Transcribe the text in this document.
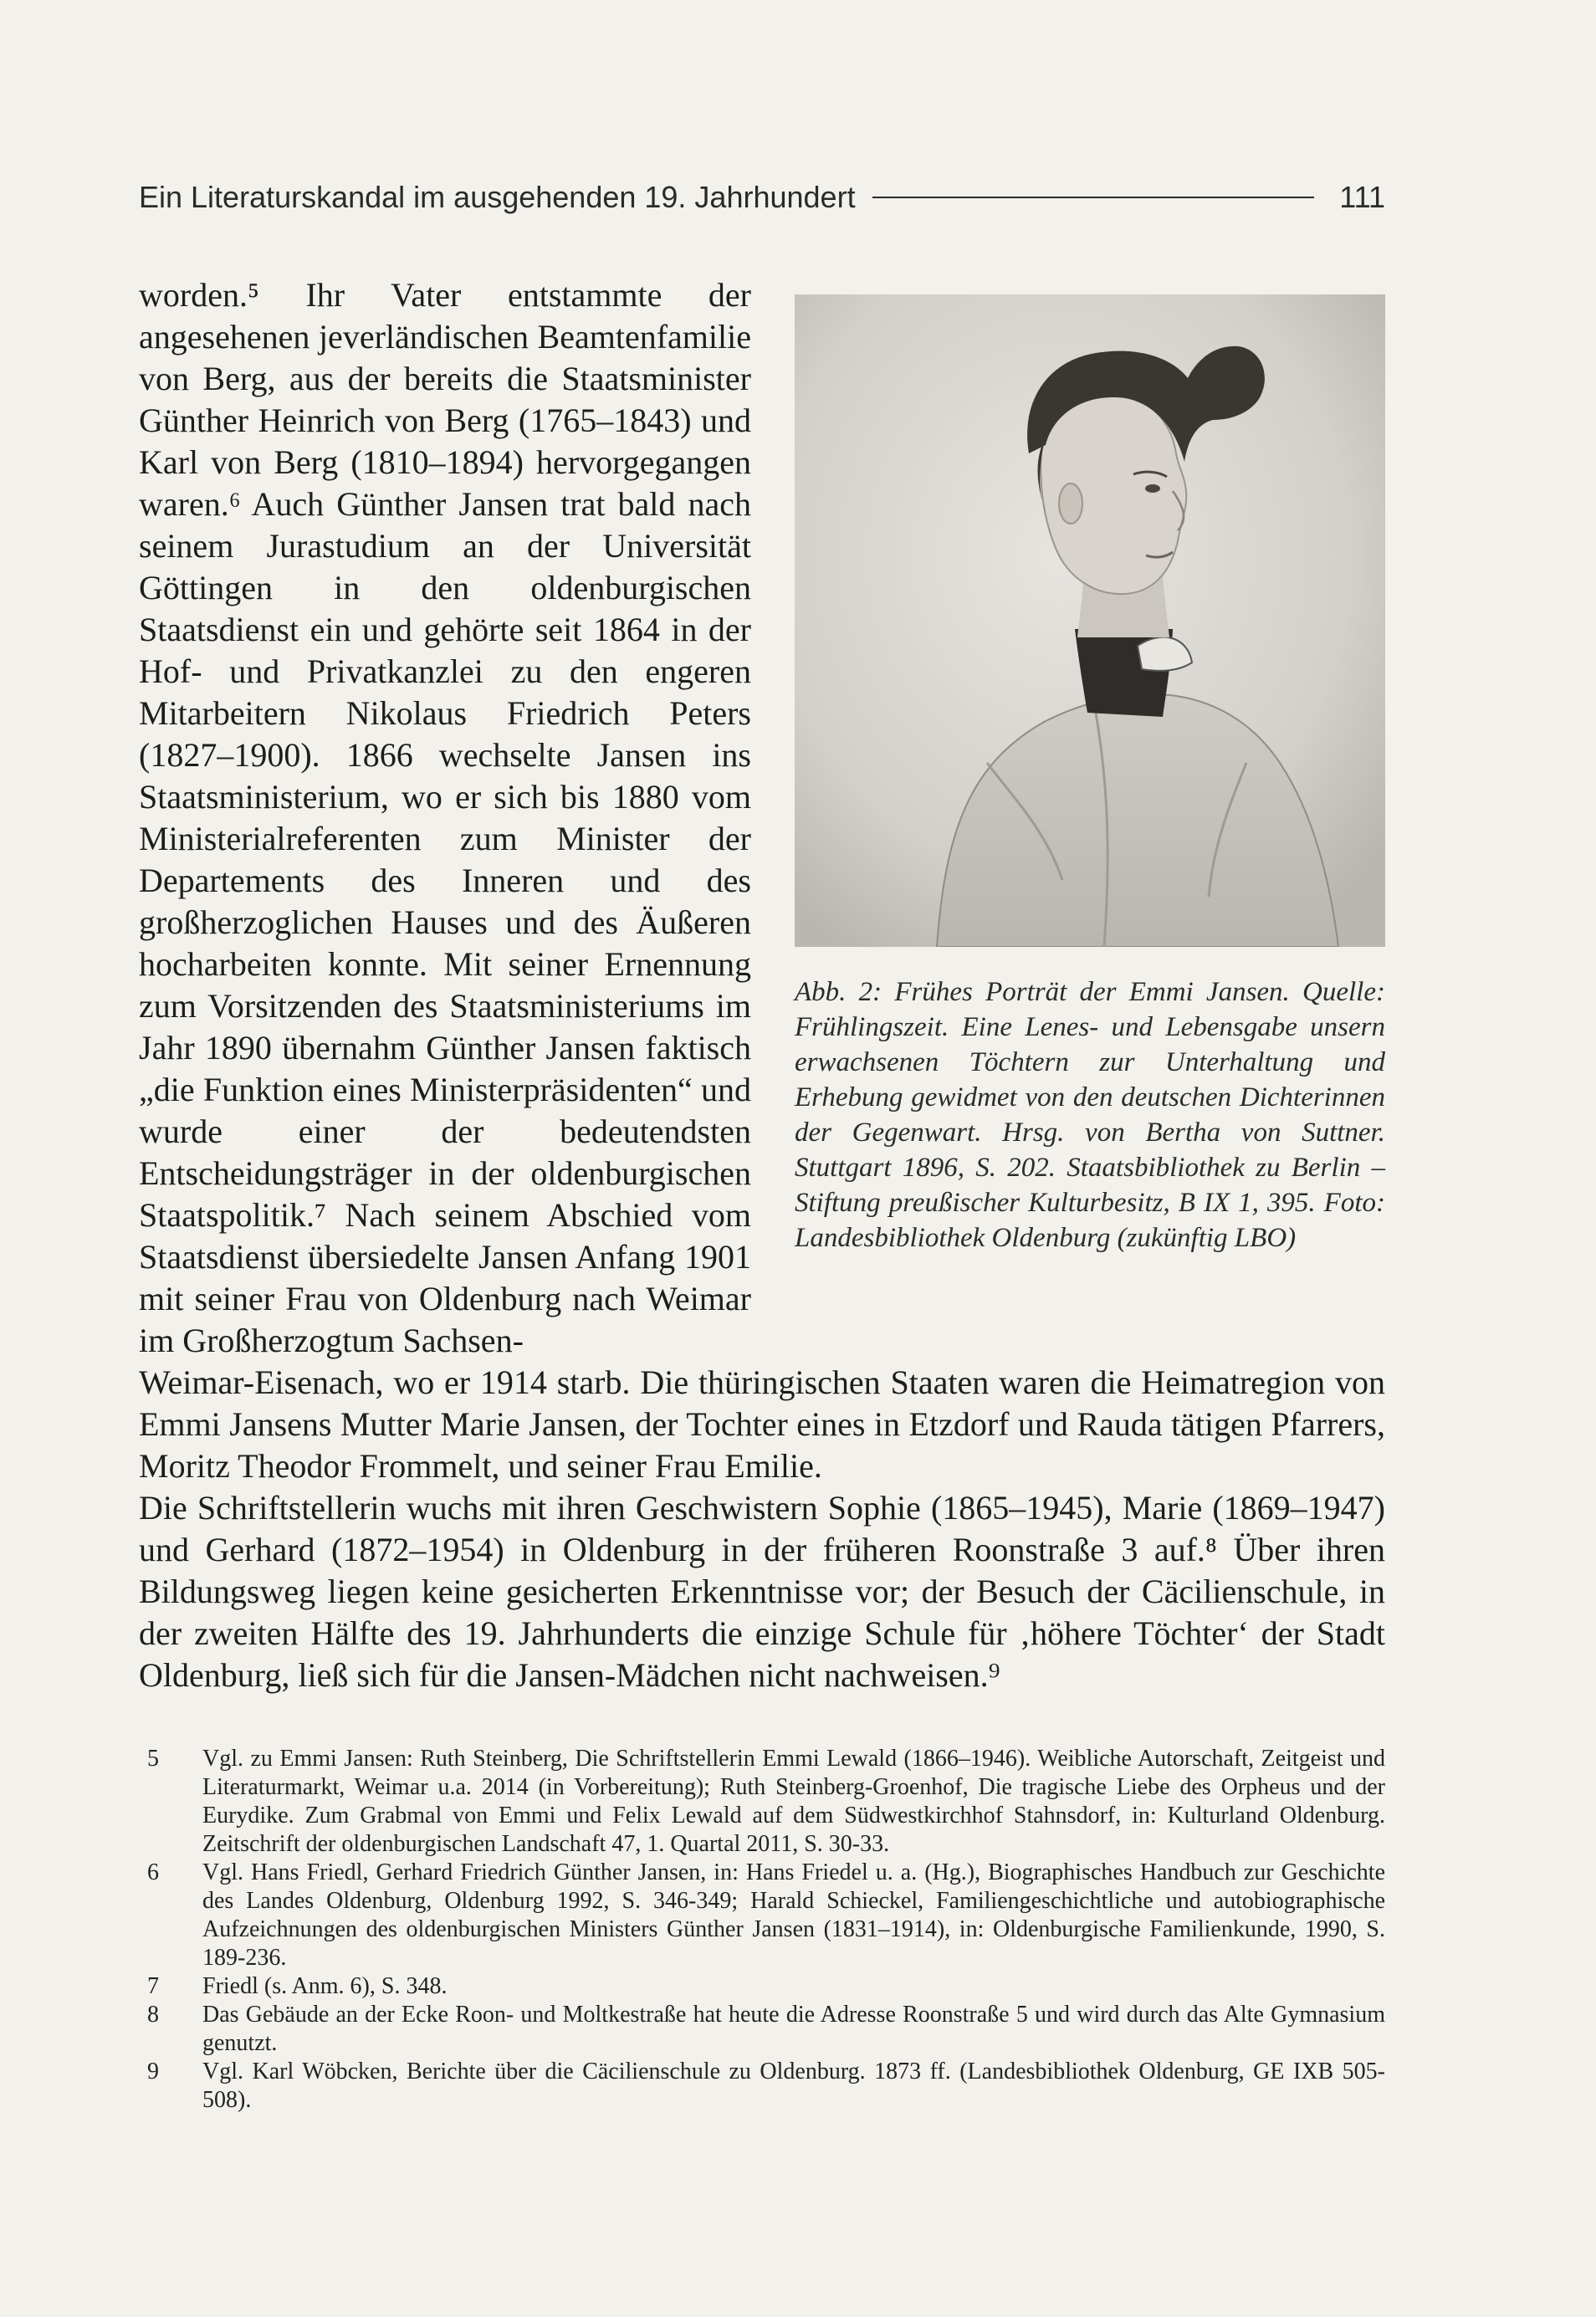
Ein Literaturskandal im ausgehenden 19. Jahrhundert	111

worden.⁵ Ihr Vater entstammte der angesehenen jeverländischen Beamtenfamilie von Berg, aus der bereits die Staatsminister Günther Heinrich von Berg (1765–1843) und Karl von Berg (1810–1894) hervorgegangen waren.⁶ Auch Günther Jansen trat bald nach seinem Jurastudium an der Universität Göttingen in den oldenburgischen Staatsdienst ein und gehörte seit 1864 in der Hof- und Privatkanzlei zu den engeren Mitarbeitern Nikolaus Friedrich Peters (1827–1900). 1866 wechselte Jansen ins Staatsministerium, wo er sich bis 1880 vom Ministerialreferenten zum Minister der Departements des Inneren und des großherzoglichen Hauses und des Äußeren hocharbeiten konnte. Mit seiner Ernennung zum Vorsitzenden des Staatsministeriums im Jahr 1890 übernahm Günther Jansen faktisch „die Funktion eines Ministerpräsidenten“ und wurde einer der bedeutendsten Entscheidungsträger in der oldenburgischen Staatspolitik.⁷ Nach seinem Abschied vom Staatsdienst übersiedelte Jansen Anfang 1901 mit seiner Frau von Oldenburg nach Weimar im Großherzogtum Sachsen-

Abb. 2: Frühes Porträt der Emmi Jansen. Quelle: Frühlingszeit. Eine Lenes- und Lebensgabe unsern erwachsenen Töchtern zur Unterhaltung und Erhebung gewidmet von den deutschen Dichterinnen der Gegenwart. Hrsg. von Bertha von Suttner. Stuttgart 1896, S. 202. Staatsbibliothek zu Berlin – Stiftung preußischer Kulturbesitz, B IX 1, 395. Foto: Landesbibliothek Oldenburg (zukünftig LBO)

Weimar-Eisenach, wo er 1914 starb. Die thüringischen Staaten waren die Heimatregion von Emmi Jansens Mutter Marie Jansen, der Tochter eines in Etzdorf und Rauda tätigen Pfarrers, Moritz Theodor Frommelt, und seiner Frau Emilie.

Die Schriftstellerin wuchs mit ihren Geschwistern Sophie (1865–1945), Marie (1869–1947) und Gerhard (1872–1954) in Oldenburg in der früheren Roonstraße 3 auf.⁸ Über ihren Bildungsweg liegen keine gesicherten Erkenntnisse vor; der Besuch der Cäcilienschule, in der zweiten Hälfte des 19. Jahrhunderts die einzige Schule für ‚höhere Töchter‘ der Stadt Oldenburg, ließ sich für die Jansen-Mädchen nicht nachweisen.⁹

5	Vgl. zu Emmi Jansen: Ruth Steinberg, Die Schriftstellerin Emmi Lewald (1866–1946). Weibliche Autorschaft, Zeitgeist und Literaturmarkt, Weimar u.a. 2014 (in Vorbereitung); Ruth Steinberg-Groenhof, Die tragische Liebe des Orpheus und der Eurydike. Zum Grabmal von Emmi und Felix Lewald auf dem Südwestkirchhof Stahnsdorf, in: Kulturland Oldenburg. Zeitschrift der oldenburgischen Landschaft 47, 1. Quartal 2011, S. 30-33.
6	Vgl. Hans Friedl, Gerhard Friedrich Günther Jansen, in: Hans Friedel u. a. (Hg.), Biographisches Handbuch zur Geschichte des Landes Oldenburg, Oldenburg 1992, S. 346-349; Harald Schieckel, Familiengeschichtliche und autobiographische Aufzeichnungen des oldenburgischen Ministers Günther Jansen (1831–1914), in: Oldenburgische Familienkunde, 1990, S. 189-236.
7	Friedl (s. Anm. 6), S. 348.
8	Das Gebäude an der Ecke Roon- und Moltkestraße hat heute die Adresse Roonstraße 5 und wird durch das Alte Gymnasium genutzt.
9	Vgl. Karl Wöbcken, Berichte über die Cäcilienschule zu Oldenburg. 1873 ff. (Landesbibliothek Oldenburg, GE IXB 505-508).
